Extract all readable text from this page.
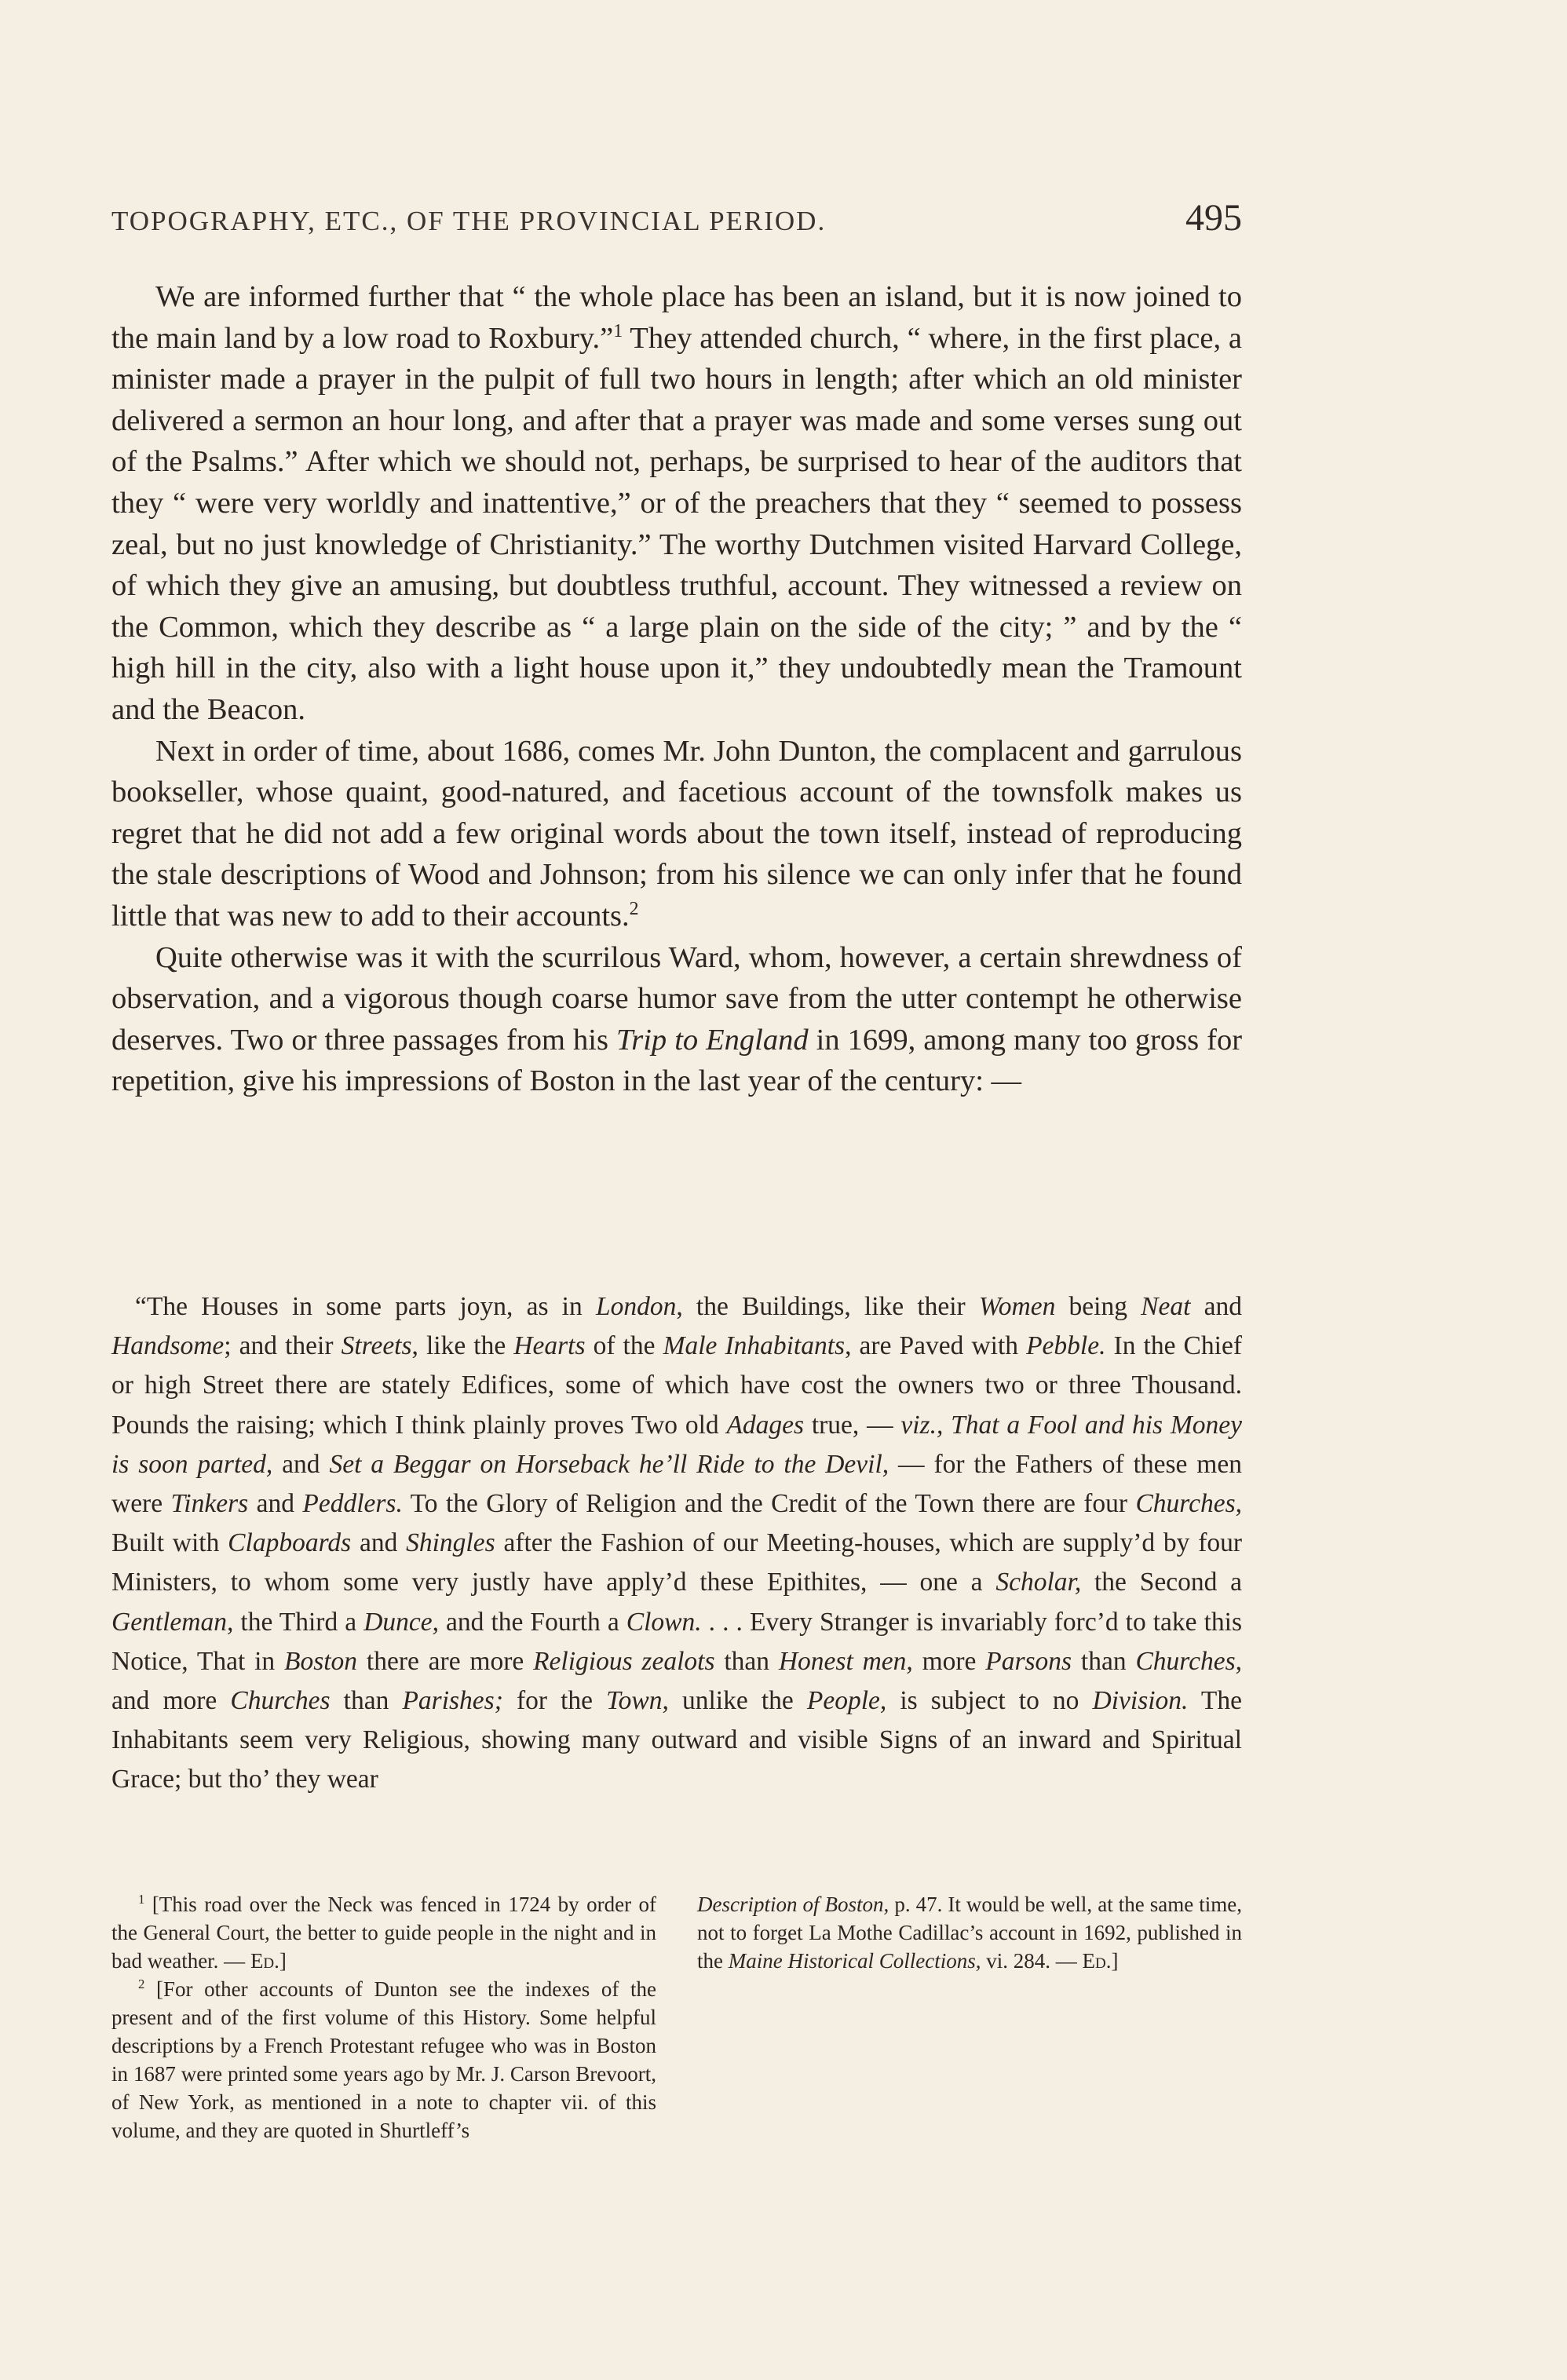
TOPOGRAPHY, ETC., OF THE PROVINCIAL PERIOD.	495

We are informed further that “ the whole place has been an island, but it is now joined to the main land by a low road to Roxbury.”$^1$ They attended church, “ where, in the first place, a minister made a prayer in the pulpit of full two hours in length; after which an old minister delivered a sermon an hour long, and after that a prayer was made and some verses sung out of the Psalms.” After which we should not, perhaps, be surprised to hear of the auditors that they “ were very worldly and inattentive,” or of the preachers that they “ seemed to possess zeal, but no just knowledge of Christianity.” The worthy Dutchmen visited Harvard College, of which they give an amusing, but doubtless truthful, account. They witnessed a review on the Common, which they describe as “ a large plain on the side of the city; ” and by the “ high hill in the city, also with a light house upon it,” they undoubtedly mean the Tramount and the Beacon.

Next in order of time, about 1686, comes Mr. John Dunton, the complacent and garrulous bookseller, whose quaint, good-natured, and facetious account of the townsfolk makes us regret that he did not add a few original words about the town itself, instead of reproducing the stale descriptions of Wood and Johnson; from his silence we can only infer that he found little that was new to add to their accounts.$^2$

Quite otherwise was it with the scurrilous Ward, whom, however, a certain shrewdness of observation, and a vigorous though coarse humor save from the utter contempt he otherwise deserves. Two or three passages from his Trip to England in 1699, among many too gross for repetition, give his impressions of Boston in the last year of the century: —

“The Houses in some parts joyn, as in London, the Buildings, like their Women being Neat and Handsome; and their Streets, like the Hearts of the Male Inhabitants, are Paved with Pebble. In the Chief or high Street there are stately Edifices, some of which have cost the owners two or three Thousand. Pounds the raising; which I think plainly proves Two old Adages true, — viz., That a Fool and his Money is soon parted, and Set a Beggar on Horseback he’ll Ride to the Devil, — for the Fathers of these men were Tinkers and Peddlers. To the Glory of Religion and the Credit of the Town there are four Churches, Built with Clapboards and Shingles after the Fashion of our Meeting-houses, which are supply’d by four Ministers, to whom some very justly have apply’d these Epithites, — one a Scholar, the Second a Gentleman, the Third a Dunce, and the Fourth a Clown. . . . Every Stranger is invariably forc’d to take this Notice, That in Boston there are more Religious zealots than Honest men, more Parsons than Churches, and more Churches than Parishes; for the Town, unlike the People, is subject to no Division. The Inhabitants seem very Religious, showing many outward and visible Signs of an inward and Spiritual Grace; but tho’ they wear

$^1$ [This road over the Neck was fenced in 1724 by order of the General Court, the better to guide people in the night and in bad weather. — Ed.]

$^2$ [For other accounts of Dunton see the indexes of the present and of the first volume of this History. Some helpful descriptions by a French Protestant refugee who was in Boston in 1687 were printed some years ago by Mr. J. Carson Brevoort, of New York, as mentioned in a note to chapter vii. of this volume, and they are quoted in Shurtleff’s

Description of Boston, p. 47. It would be well, at the same time, not to forget La Mothe Cadillac’s account in 1692, published in the Maine Historical Collections, vi. 284. — Ed.]
